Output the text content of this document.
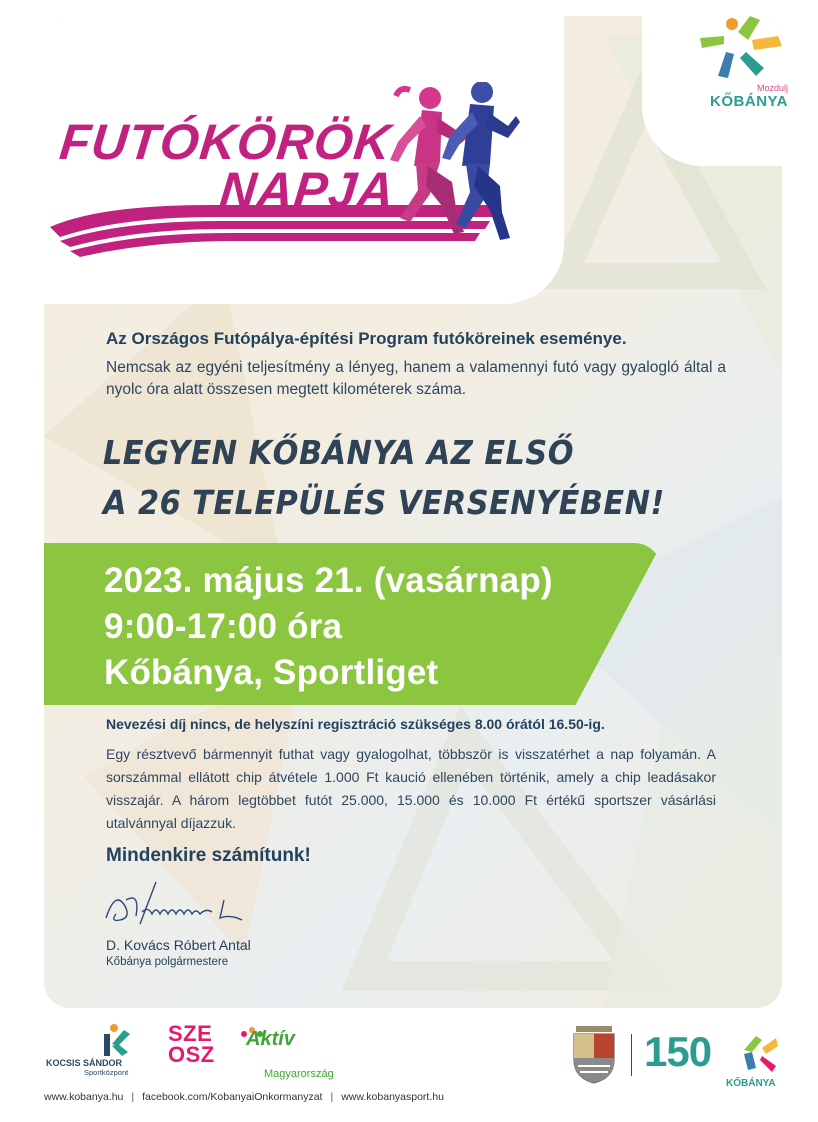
FUTÓKÖRÖK
NAPJA
Mozdulj
KŐBÁNYA
Az Országos Futópálya-építési Program futóköreinek eseménye.
Nemcsak az egyéni teljesítmény a lényeg, hanem a valamennyi futó vagy gyalogló által a nyolc óra alatt összesen megtett kilométerek száma.
LEGYEN KŐBÁNYA AZ ELSŐ
A 26 TELEPÜLÉS VERSENYÉBEN!
2023. május 21. (vasárnap)
9:00-17:00 óra
Kőbánya, Sportliget
Nevezési díj nincs, de helyszíni regisztráció szükséges 8.00 órától 16.50-ig.
Egy résztvevő bármennyit futhat vagy gyalogolhat, többször is visszatérhet a nap folyamán. A sorszámmal ellátott chip átvétele 1.000 Ft kaució ellenében történik, amely a chip leadásakor visszajár. A három legtöbbet futót 25.000, 15.000 és 10.000 Ft értékű sportszer vásárlási utalvánnyal díjazzuk.
Mindenkire számítunk!
D. Kovács Róbert Antal
Kőbánya polgármestere
KOCSIS SÁNDOR
Sportközpont
SZE
OSZ
Aktív
Magyarország	150
KŐBÁNYA
www.kobanya.hu | facebook.com/KobanyaiOnkormanyzat | www.kobanyasport.hu
